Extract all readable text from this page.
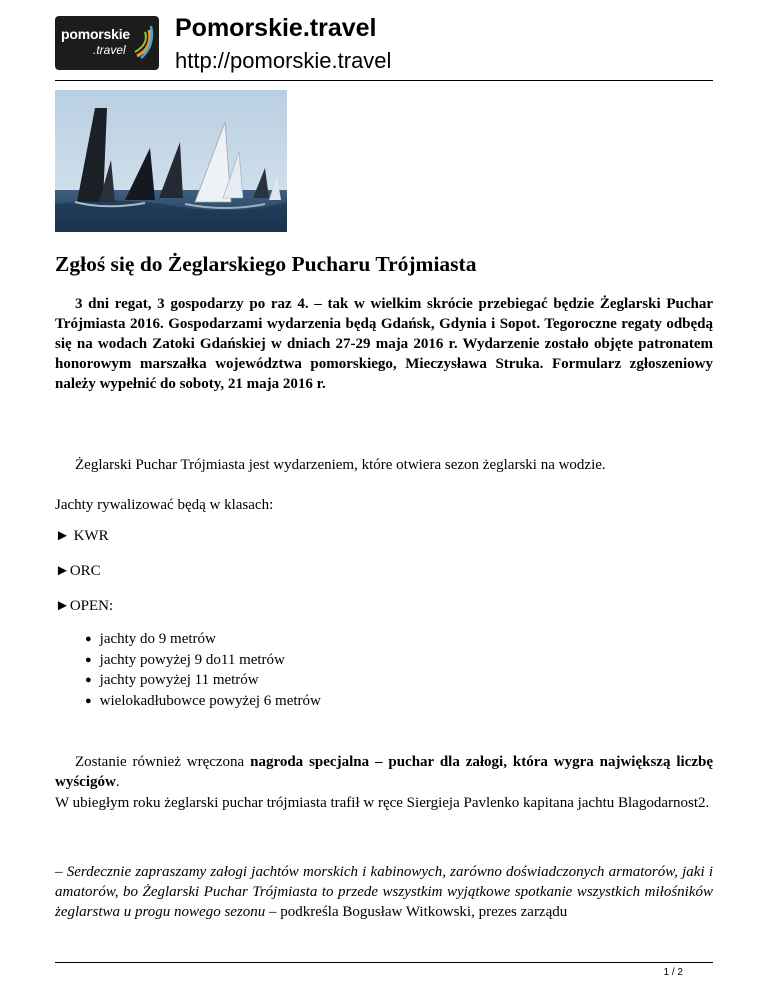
pomorskie
.travel
Pomorskie.travel
http://pomorskie.travel
Zgłoś się do Żeglarskiego Pucharu Trójmiasta

3 dni regat, 3 gospodarzy po raz 4. – tak w wielkim skrócie przebiegać będzie Żeglarski Puchar Trójmiasta 2016. Gospodarzami wydarzenia będą Gdańsk, Gdynia i Sopot. Tegoroczne regaty odbędą się na wodach Zatoki Gdańskiej w dniach 27-29 maja 2016 r. Wydarzenie zostało objęte patronatem honorowym marszałka województwa pomorskiego, Mieczysława Struka. Formularz zgłoszeniowy należy wypełnić do soboty, 21 maja 2016 r.

Żeglarski Puchar Trójmiasta jest wydarzeniem, które otwiera sezon żeglarski na wodzie.

Jachty rywalizować będą w klasach:

► KWR
►ORC
►OPEN:
● jachty do 9 metrów
● jachty powyżej 9 do11 metrów
● jachty powyżej 11 metrów
● wielokadłubowce powyżej 6 metrów

Zostanie również wręczona nagroda specjalna – puchar dla załogi, która wygra największą liczbę wyścigów.

W ubiegłym roku żeglarski puchar trójmiasta trafił w ręce Siergieja Pavlenko kapitana jachtu Blagodarnost2.

– Serdecznie zapraszamy załogi jachtów morskich i kabinowych, zarówno doświadczonych armatorów, jaki i amatorów, bo Żeglarski Puchar Trójmiasta to przede wszystkim wyjątkowe spotkanie wszystkich miłośników żeglarstwa u progu nowego sezonu – podkreśla Bogusław Witkowski, prezes zarządu

1 / 2
